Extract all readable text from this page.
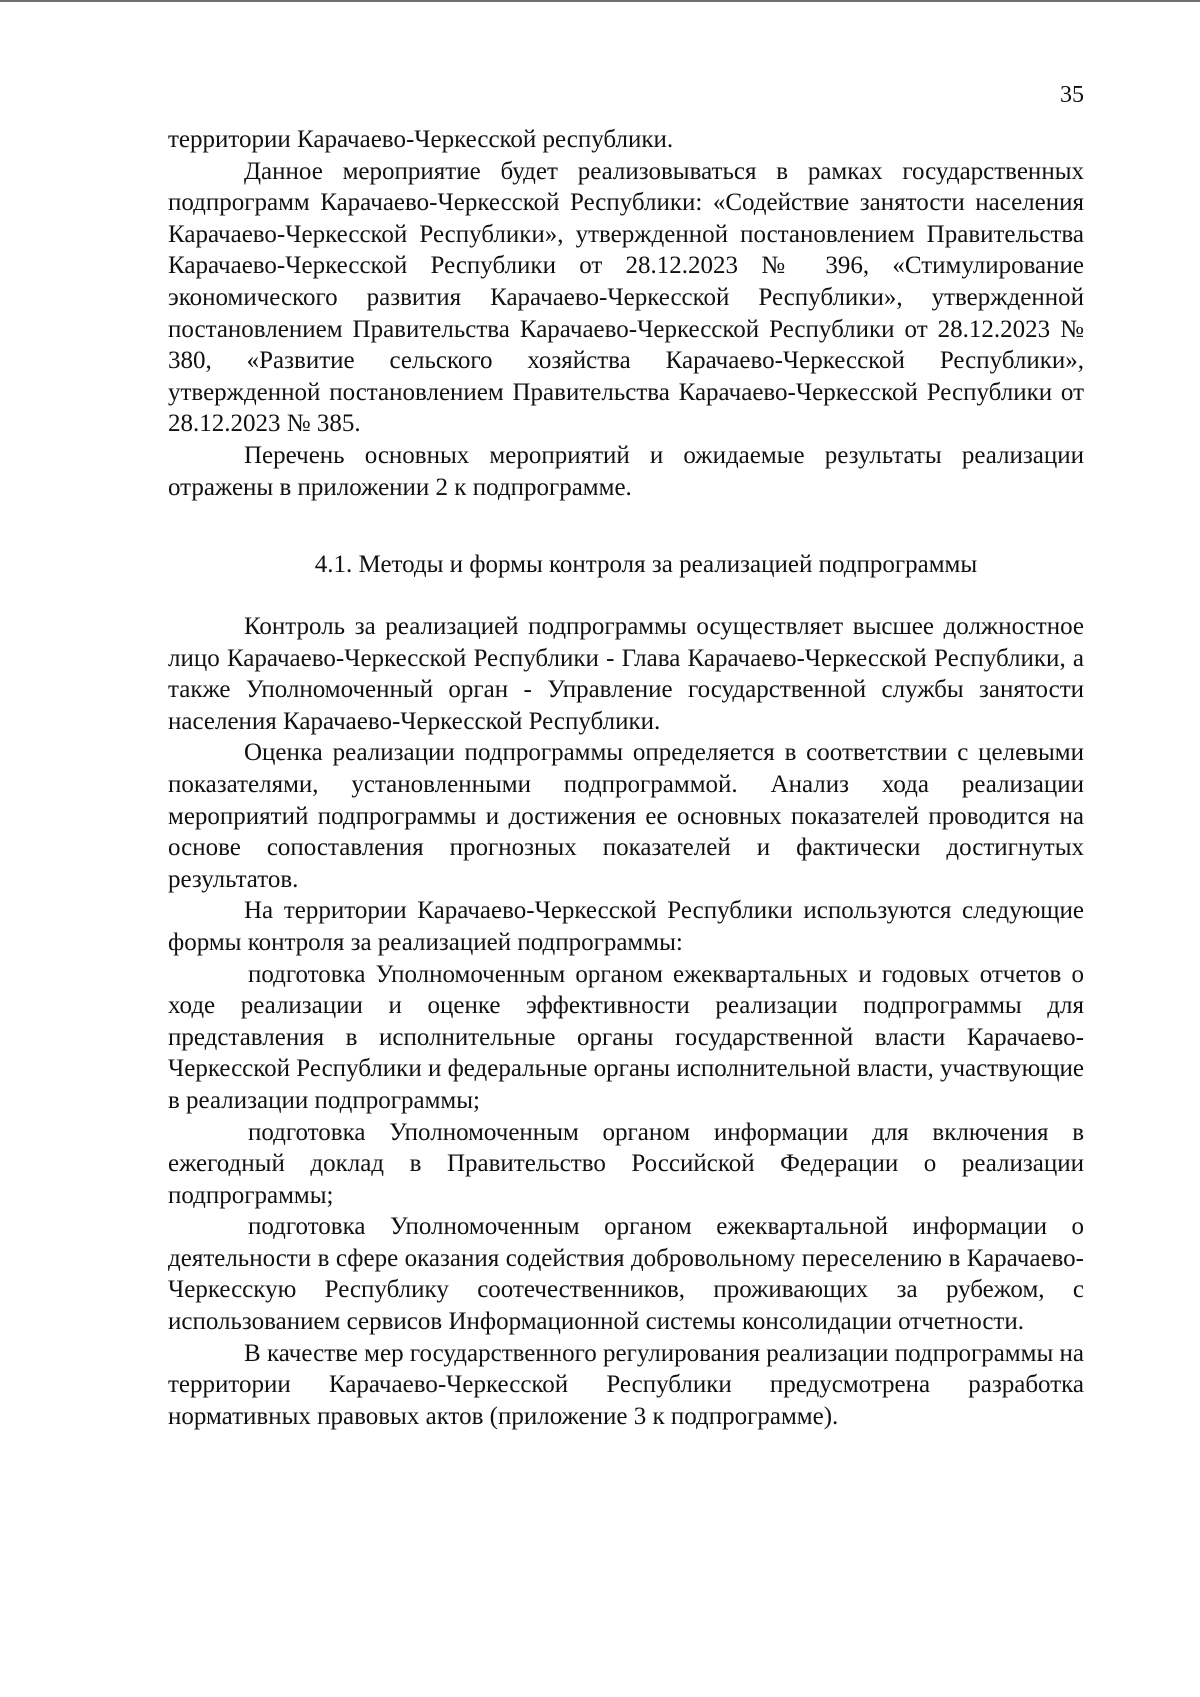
35

территории Карачаево-Черкесской республики.

Данное мероприятие будет реализовываться в рамках государственных подпрограмм Карачаево-Черкесской Республики: «Содействие занятости населения Карачаево-Черкесской Республики», утвержденной постановлением Правительства Карачаево-Черкесской Республики от 28.12.2023 № 396, «Стимулирование экономического развития Карачаево-Черкесской Республики», утвержденной постановлением Правительства Карачаево-Черкесской Республики от 28.12.2023 № 380, «Развитие сельского хозяйства Карачаево-Черкесской Республики», утвержденной постановлением Правительства Карачаево-Черкесской Республики от 28.12.2023 № 385.

Перечень основных мероприятий и ожидаемые результаты реализации отражены в приложении 2 к подпрограмме.

4.1. Методы и формы контроля за реализацией подпрограммы

Контроль за реализацией подпрограммы осуществляет высшее должностное лицо Карачаево-Черкесской Республики - Глава Карачаево-Черкесской Республики, а также Уполномоченный орган - Управление государственной службы занятости населения Карачаево-Черкесской Республики.

Оценка реализации подпрограммы определяется в соответствии с целевыми показателями, установленными подпрограммой. Анализ хода реализации мероприятий подпрограммы и достижения ее основных показателей проводится на основе сопоставления прогнозных показателей и фактически достигнутых результатов.

На территории Карачаево-Черкесской Республики используются следующие формы контроля за реализацией подпрограммы:

подготовка Уполномоченным органом ежеквартальных и годовых отчетов о ходе реализации и оценке эффективности реализации подпрограммы для представления в исполнительные органы государственной власти Карачаево-Черкесской Республики и федеральные органы исполнительной власти, участвующие в реализации подпрограммы;

подготовка Уполномоченным органом информации для включения в ежегодный доклад в Правительство Российской Федерации о реализации подпрограммы;

подготовка Уполномоченным органом ежеквартальной информации о деятельности в сфере оказания содействия добровольному переселению в Карачаево-Черкесскую Республику соотечественников, проживающих за рубежом, с использованием сервисов Информационной системы консолидации отчетности.

В качестве мер государственного регулирования реализации подпрограммы на территории Карачаево-Черкесской Республики предусмотрена разработка нормативных правовых актов (приложение 3 к подпрограмме).
